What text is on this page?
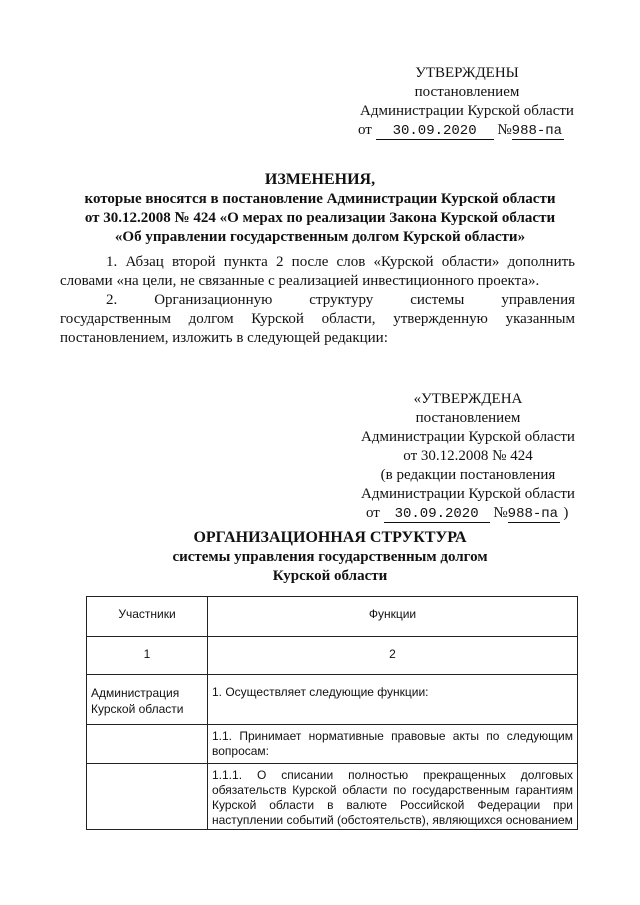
УТВЕРЖДЕНЫ
постановлением
Администрации Курской области
от 30.09.2020 №988-па
ИЗМЕНЕНИЯ,
которые вносятся в постановление Администрации Курской области
от 30.12.2008 № 424 «О мерах по реализации Закона Курской области
«Об управлении государственным долгом Курской области»
1. Абзац второй пункта 2 после слов «Курской области» дополнить
словами «на цели, не связанные с реализацией инвестиционного проекта».
2. Организационную структуру системы управления
государственным долгом Курской области, утвержденную указанным
постановлением, изложить в следующей редакции:
«УТВЕРЖДЕНА
постановлением
Администрации Курской области
от 30.12.2008 № 424
(в редакции постановления
Администрации Курской области
от 30.09.2020 №988-па )
ОРГАНИЗАЦИОННАЯ СТРУКТУРА
системы управления государственным долгом
Курской области
Участники	Функции
1	2
Администрация Курской области	1. Осуществляет следующие функции:
	1.1. Принимает нормативные правовые акты по следующим вопросам:
	1.1.1. О списании полностью прекращенных долговых обязательств Курской области по государственным гарантиям Курской области в валюте Российской Федерации при наступлении событий (обстоятельств), являющихся основанием
